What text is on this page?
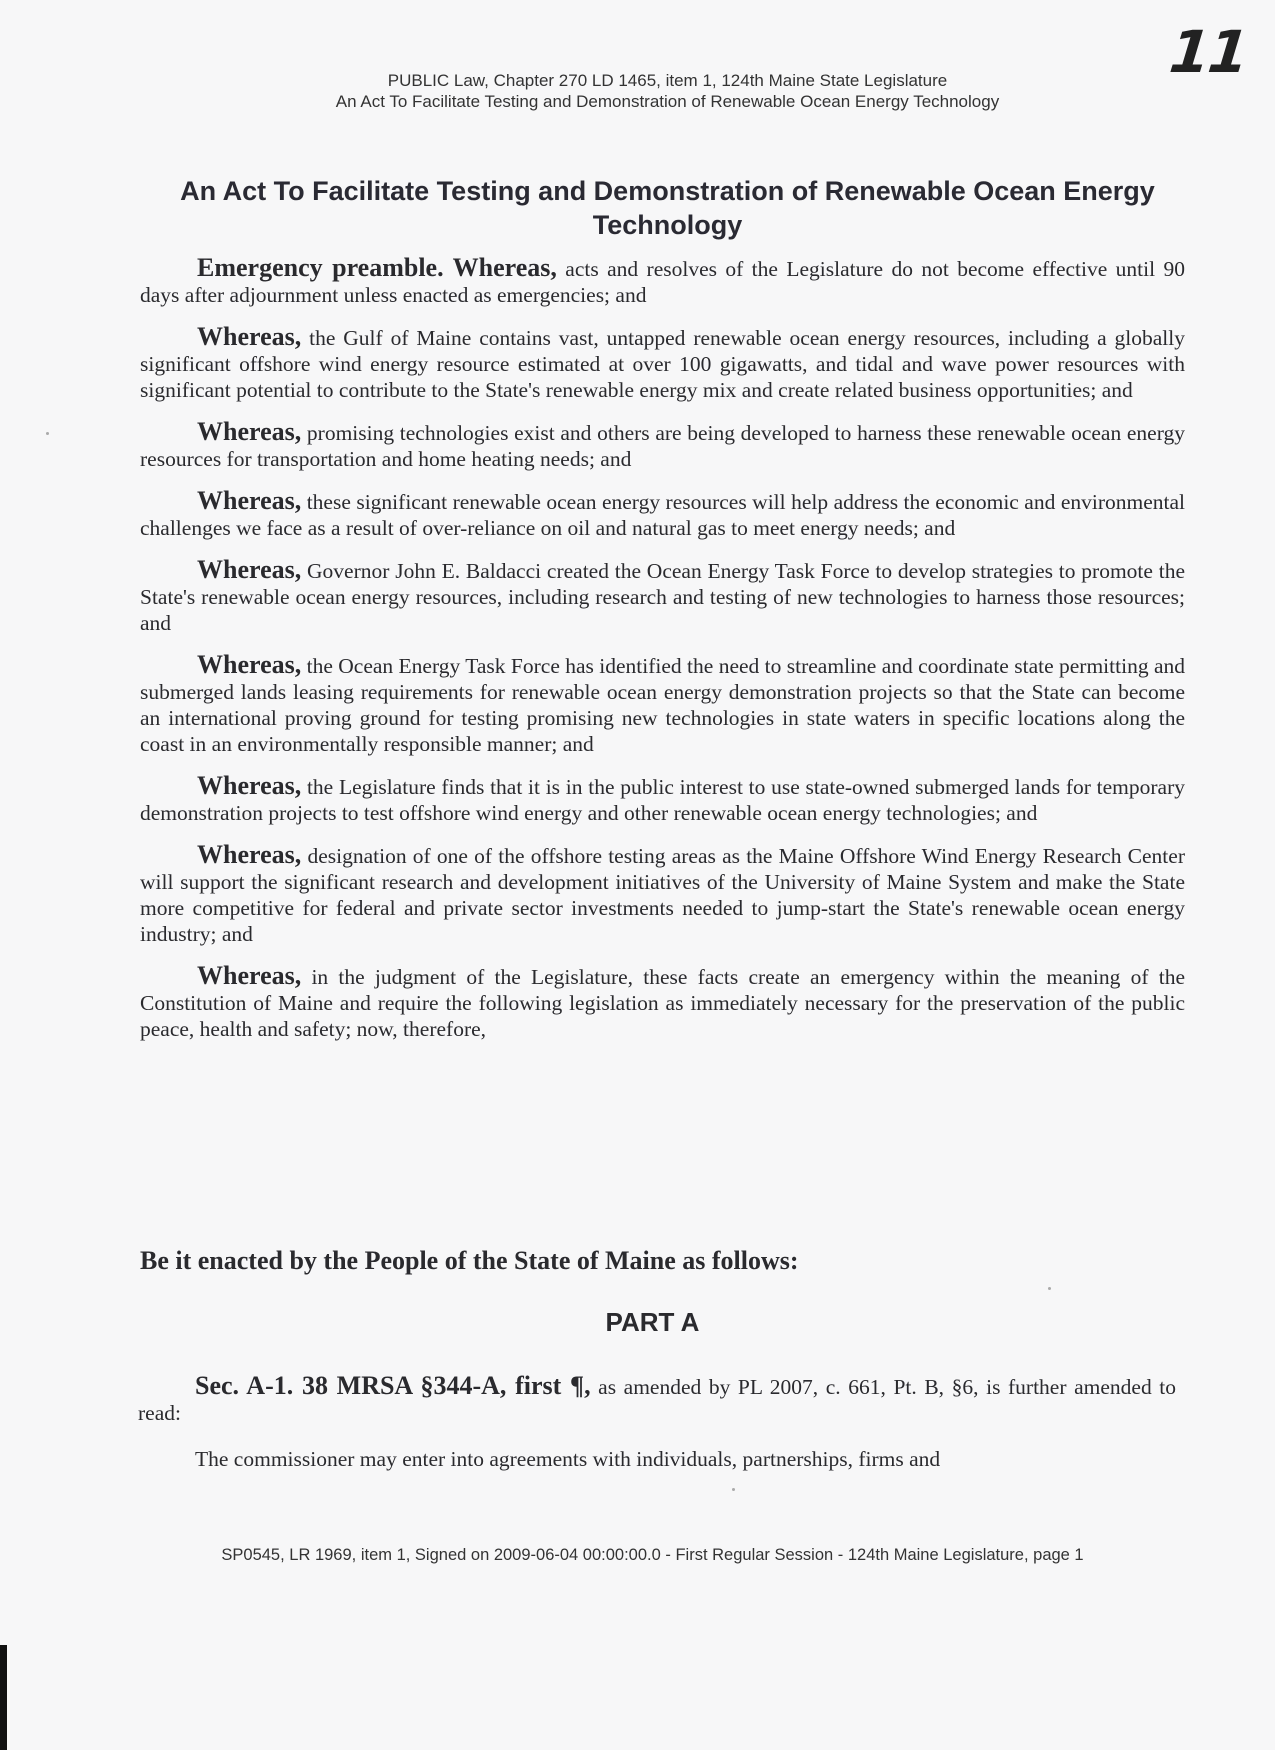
11
PUBLIC Law, Chapter 270 LD 1465, item 1, 124th Maine State Legislature
An Act To Facilitate Testing and Demonstration of Renewable Ocean Energy Technology
An Act To Facilitate Testing and Demonstration of Renewable Ocean Energy Technology

Emergency preamble. Whereas, acts and resolves of the Legislature do not become effective until 90 days after adjournment unless enacted as emergencies; and

Whereas, the Gulf of Maine contains vast, untapped renewable ocean energy resources, including a globally significant offshore wind energy resource estimated at over 100 gigawatts, and tidal and wave power resources with significant potential to contribute to the State's renewable energy mix and create related business opportunities; and

Whereas, promising technologies exist and others are being developed to harness these renewable ocean energy resources for transportation and home heating needs; and

Whereas, these significant renewable ocean energy resources will help address the economic and environmental challenges we face as a result of over-reliance on oil and natural gas to meet energy needs; and

Whereas, Governor John E. Baldacci created the Ocean Energy Task Force to develop strategies to promote the State's renewable ocean energy resources, including research and testing of new technologies to harness those resources; and

Whereas, the Ocean Energy Task Force has identified the need to streamline and coordinate state permitting and submerged lands leasing requirements for renewable ocean energy demonstration projects so that the State can become an international proving ground for testing promising new technologies in state waters in specific locations along the coast in an environmentally responsible manner; and

Whereas, the Legislature finds that it is in the public interest to use state-owned submerged lands for temporary demonstration projects to test offshore wind energy and other renewable ocean energy technologies; and

Whereas, designation of one of the offshore testing areas as the Maine Offshore Wind Energy Research Center will support the significant research and development initiatives of the University of Maine System and make the State more competitive for federal and private sector investments needed to jump-start the State's renewable ocean energy industry; and

Whereas, in the judgment of the Legislature, these facts create an emergency within the meaning of the Constitution of Maine and require the following legislation as immediately necessary for the preservation of the public peace, health and safety; now, therefore,

Be it enacted by the People of the State of Maine as follows:
PART A

Sec. A-1. 38 MRSA §344-A, first ¶, as amended by PL 2007, c. 661, Pt. B, §6, is further amended to read:

The commissioner may enter into agreements with individuals, partnerships, firms and

SP0545, LR 1969, item 1, Signed on 2009-06-04 00:00:00.0 - First Regular Session - 124th Maine Legislature, page 1
